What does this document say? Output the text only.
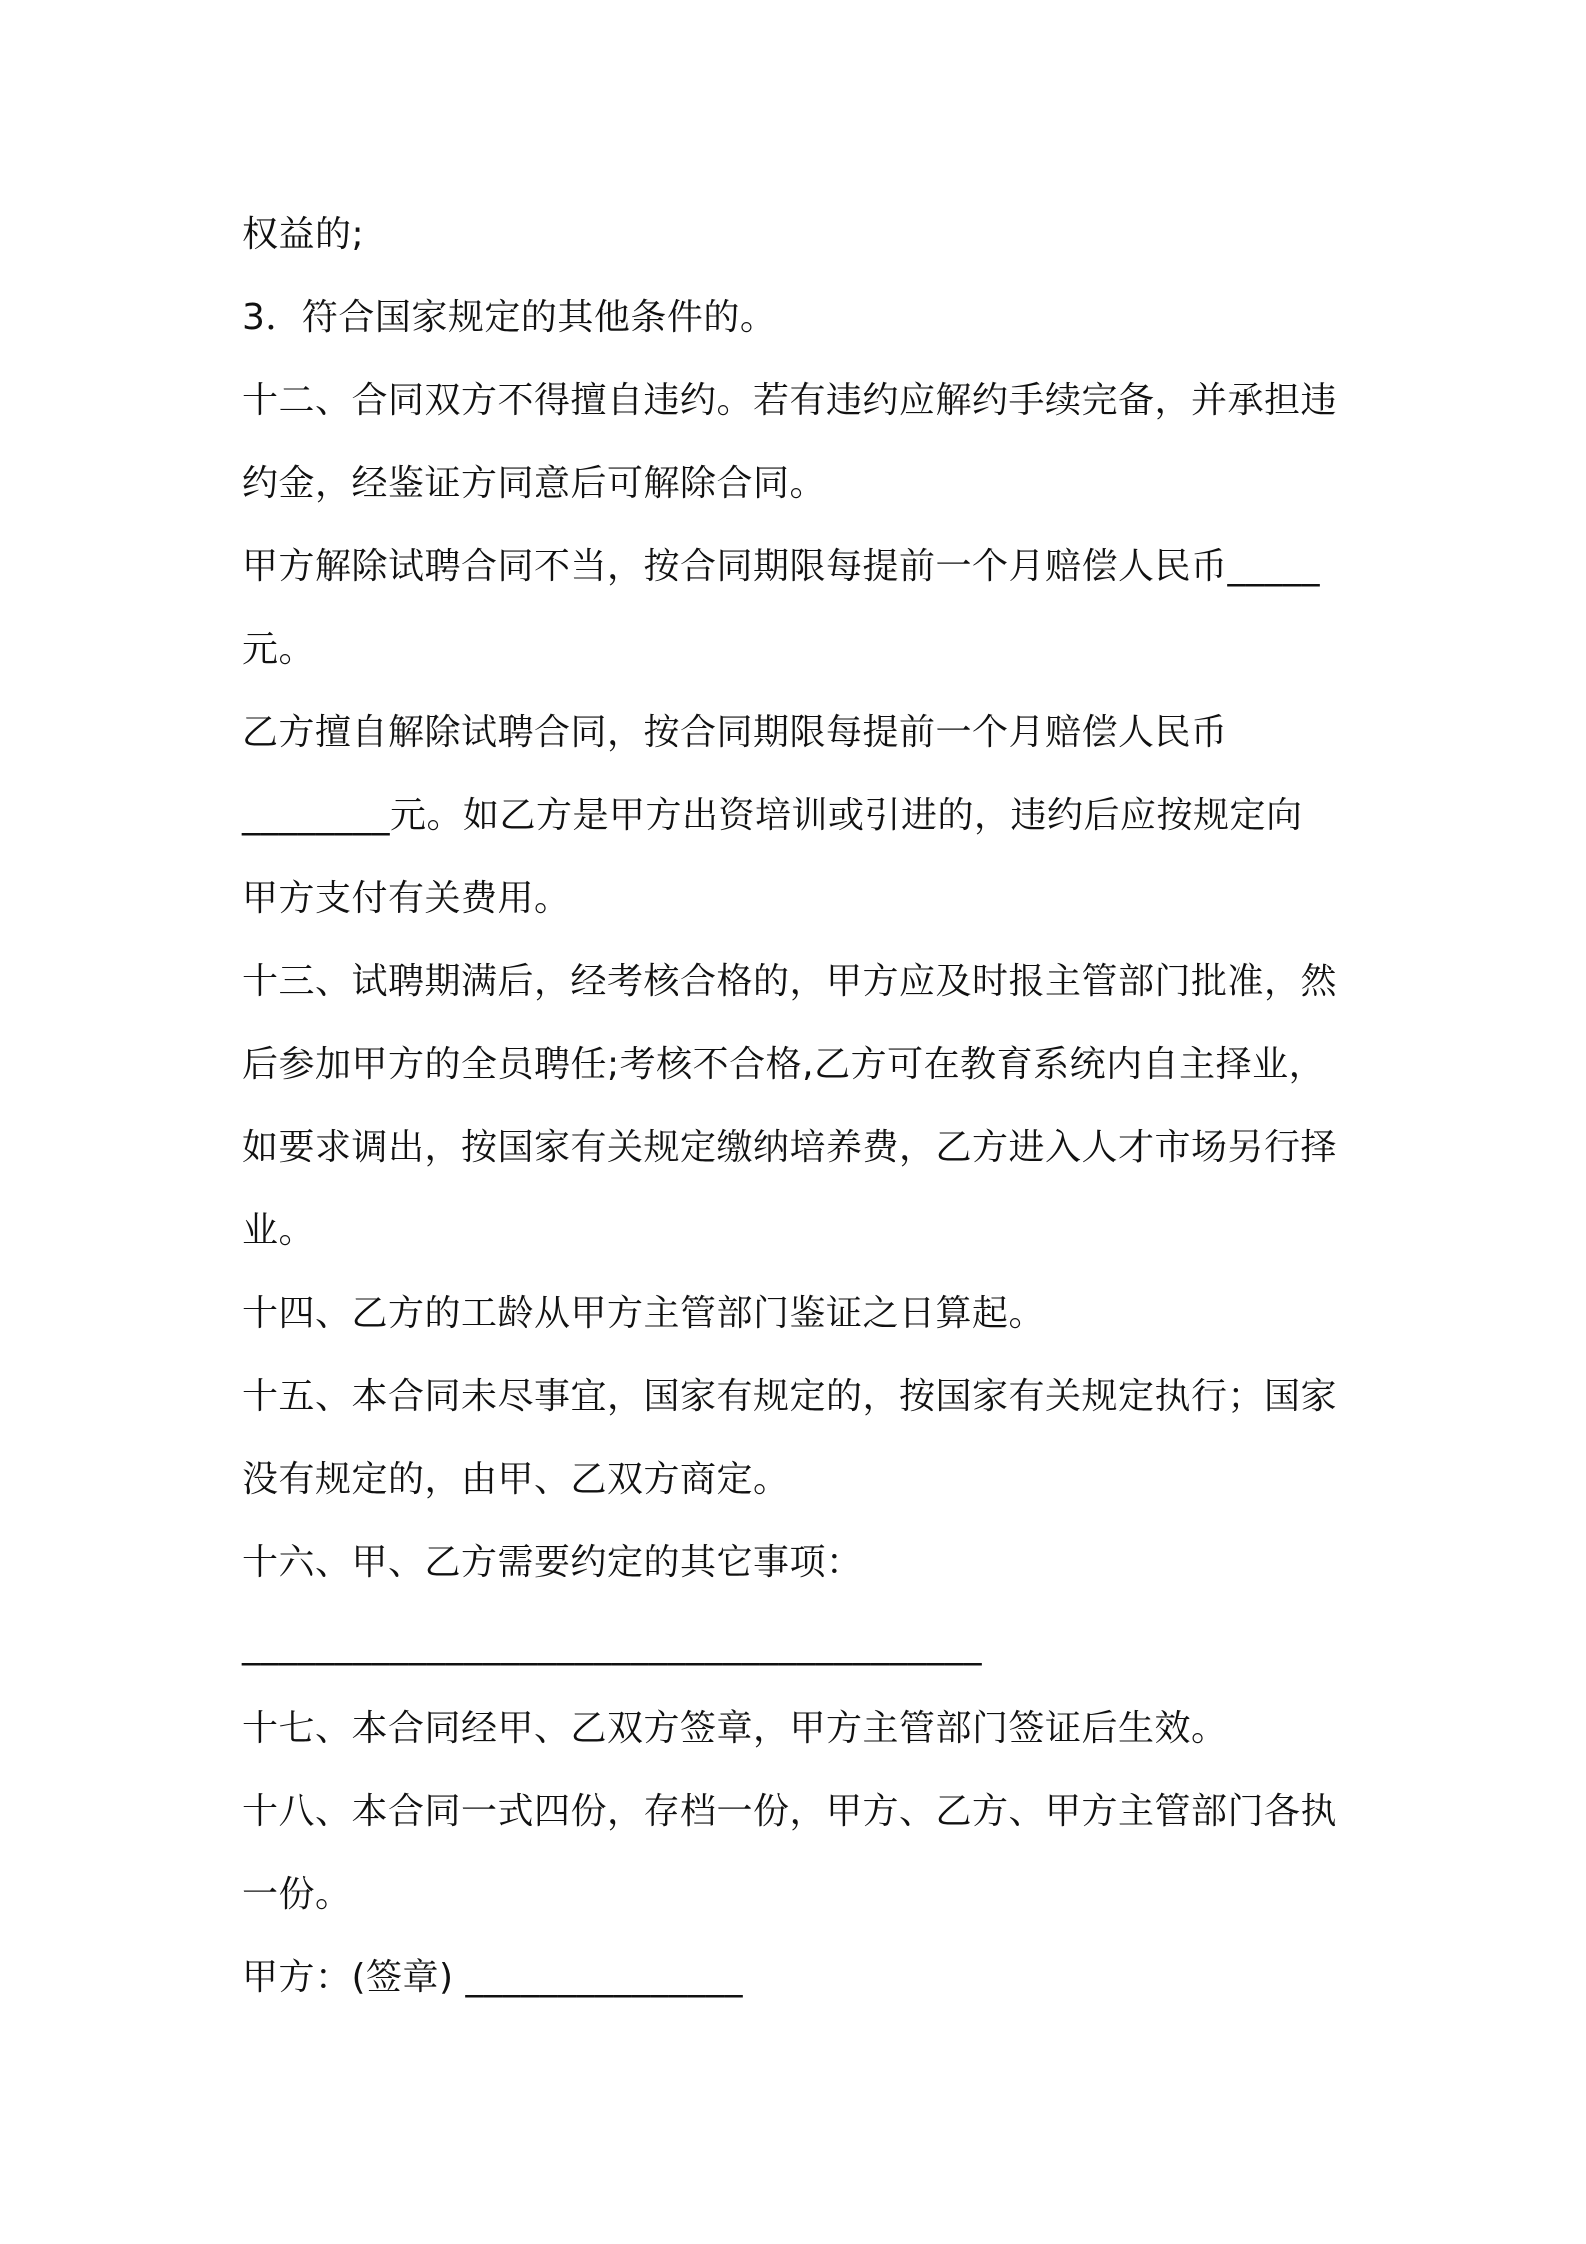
权益的;
3．符合国家规定的其他条件的。
十二、合同双方不得擅自违约。若有违约应解约手续完备，并承担违
约金，经鉴证方同意后可解除合同。
甲方解除试聘合同不当，按合同期限每提前一个月赔偿人民币_____
元。
乙方擅自解除试聘合同，按合同期限每提前一个月赔偿人民币
________元。如乙方是甲方出资培训或引进的，违约后应按规定向
甲方支付有关费用。
十三、试聘期满后，经考核合格的，甲方应及时报主管部门批准，然
后参加甲方的全员聘任;考核不合格,乙方可在教育系统内自主择业，
如要求调出，按国家有关规定缴纳培养费，乙方进入人才市场另行择
业。
十四、乙方的工龄从甲方主管部门鉴证之日算起。
十五、本合同未尽事宜，国家有规定的，按国家有关规定执行；国家
没有规定的，由甲、乙双方商定。
十六、甲、乙方需要约定的其它事项：
________________________________________
十七、本合同经甲、乙双方签章，甲方主管部门签证后生效。
十八、本合同一式四份，存档一份，甲方、乙方、甲方主管部门各执
一份。
甲方：(签章) _______________
